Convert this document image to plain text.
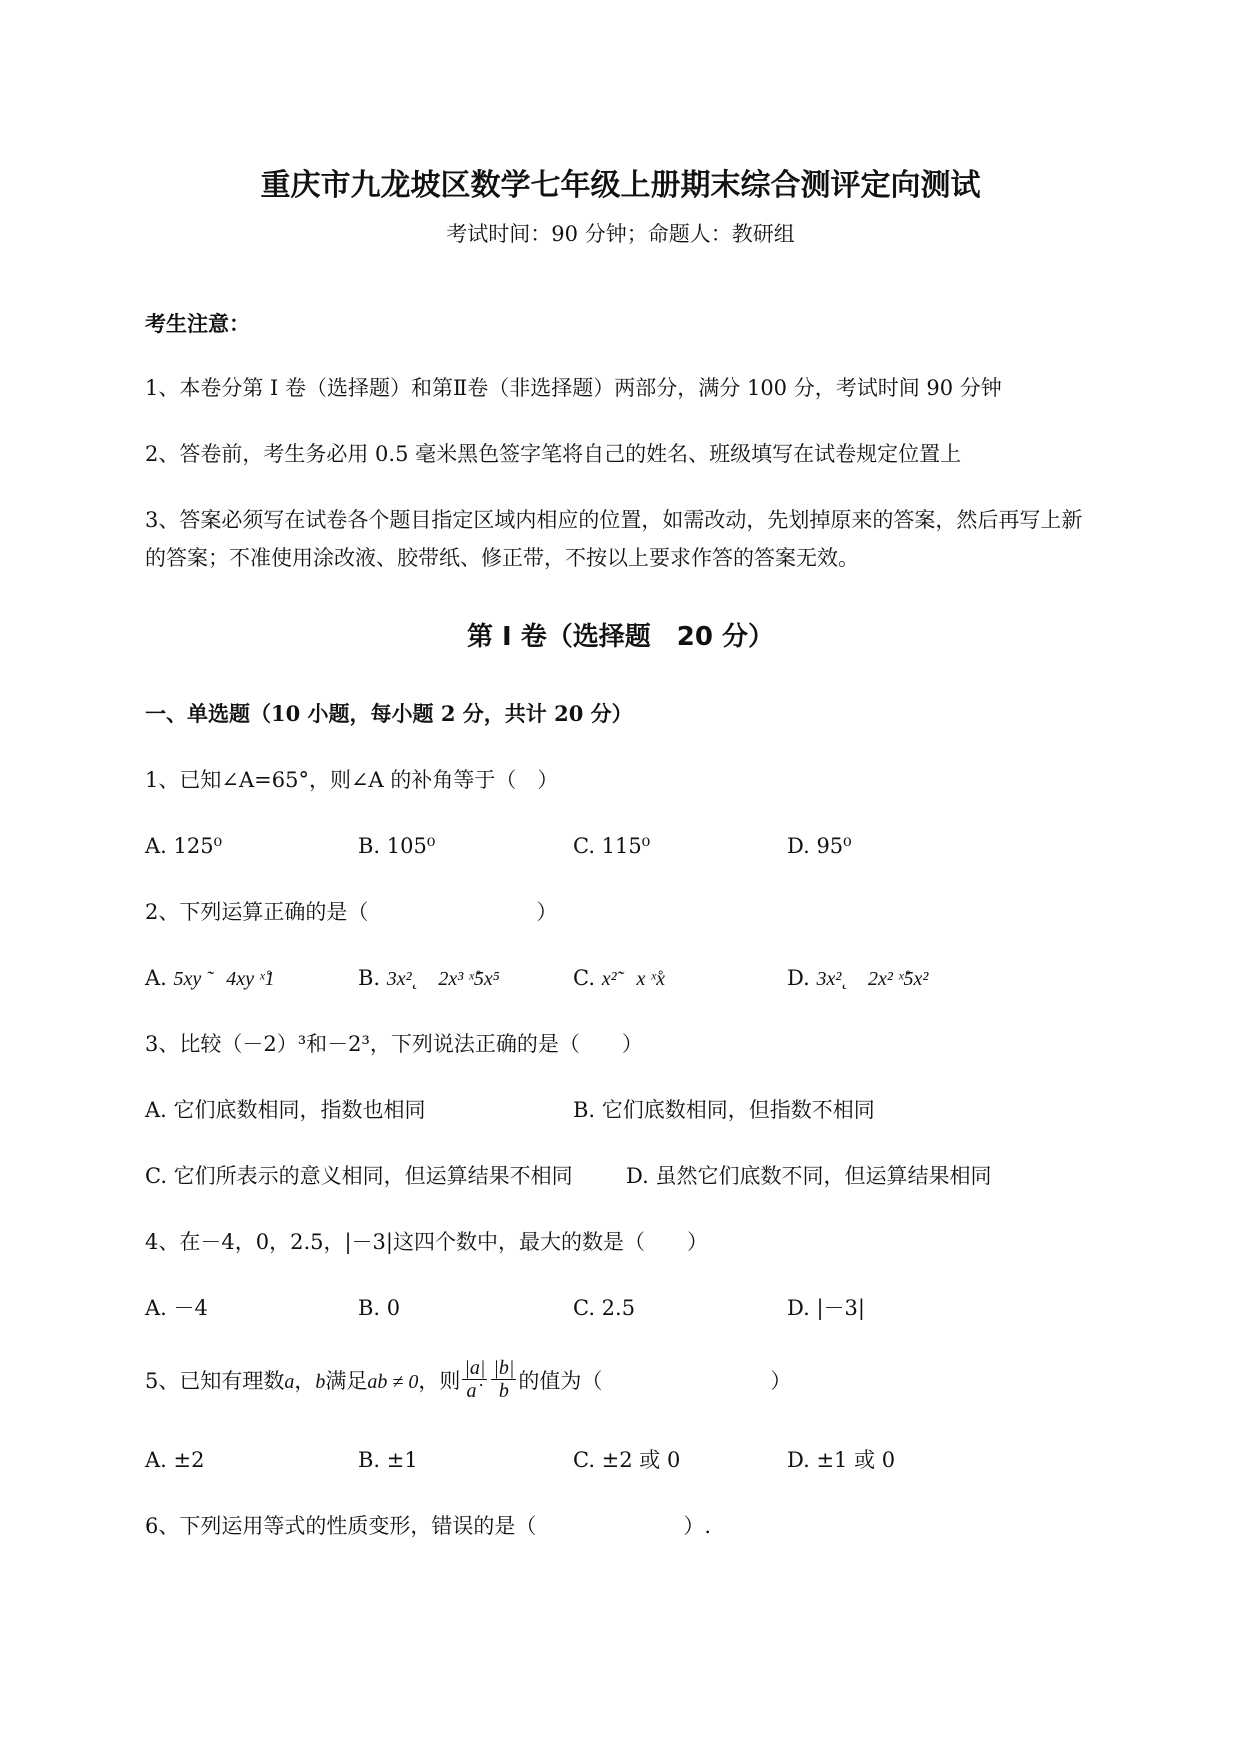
重庆市九龙坡区数学七年级上册期末综合测评定向测试
考试时间：90 分钟；命题人：教研组
考生注意：
1、本卷分第 I 卷（选择题）和第Ⅱ卷（非选择题）两部分，满分 100 分，考试时间 90 分钟
2、答卷前，考生务必用 0.5 毫米黑色签字笔将自己的姓名、班级填写在试卷规定位置上
3、答案必须写在试卷各个题目指定区域内相应的位置，如需改动，先划掉原来的答案，然后再写上新
的答案；不准使用涂改液、胶带纸、修正带，不按以上要求作答的答案无效。
第 I 卷（选择题　20 分）
一、单选题（10 小题，每小题 2 分，共计 20 分）
1、已知∠A=65°，则∠A 的补角等于（　）
A. 125⁰	B. 105⁰	C. 115⁰	D. 95⁰
2、下列运算正确的是（　　　　　　　　）
A. 5xy ̃　4xy ˣ̊1	B. 3x²˛　2x³ ˣ̊5x⁵	C. x²̃　x ˣ̊x	D. 3x²˛　2x² ˣ̊5x²
3、比较（－2）³和－2³，下列说法正确的是（　　）
A. 它们底数相同，指数也相同	B. 它们底数相同，但指数不相同
C. 它们所表示的意义相同，但运算结果不相同	D. 虽然它们底数不同，但运算结果相同
4、在－4，0，2.5，|－3|这四个数中，最大的数是（　　）
A. －4	B. 0	C. 2.5	D. |－3|
5、已知有理数a，b满足ab ≠ 0，则 $\frac{|a|}{a˙} \frac{|b|}{b}$ 的值为（　　　　　　　　）
A. ±2	B. ±1	C. ±2 或 0	D. ±1 或 0
6、下列运用等式的性质变形，错误的是（　　　　　　　）.
